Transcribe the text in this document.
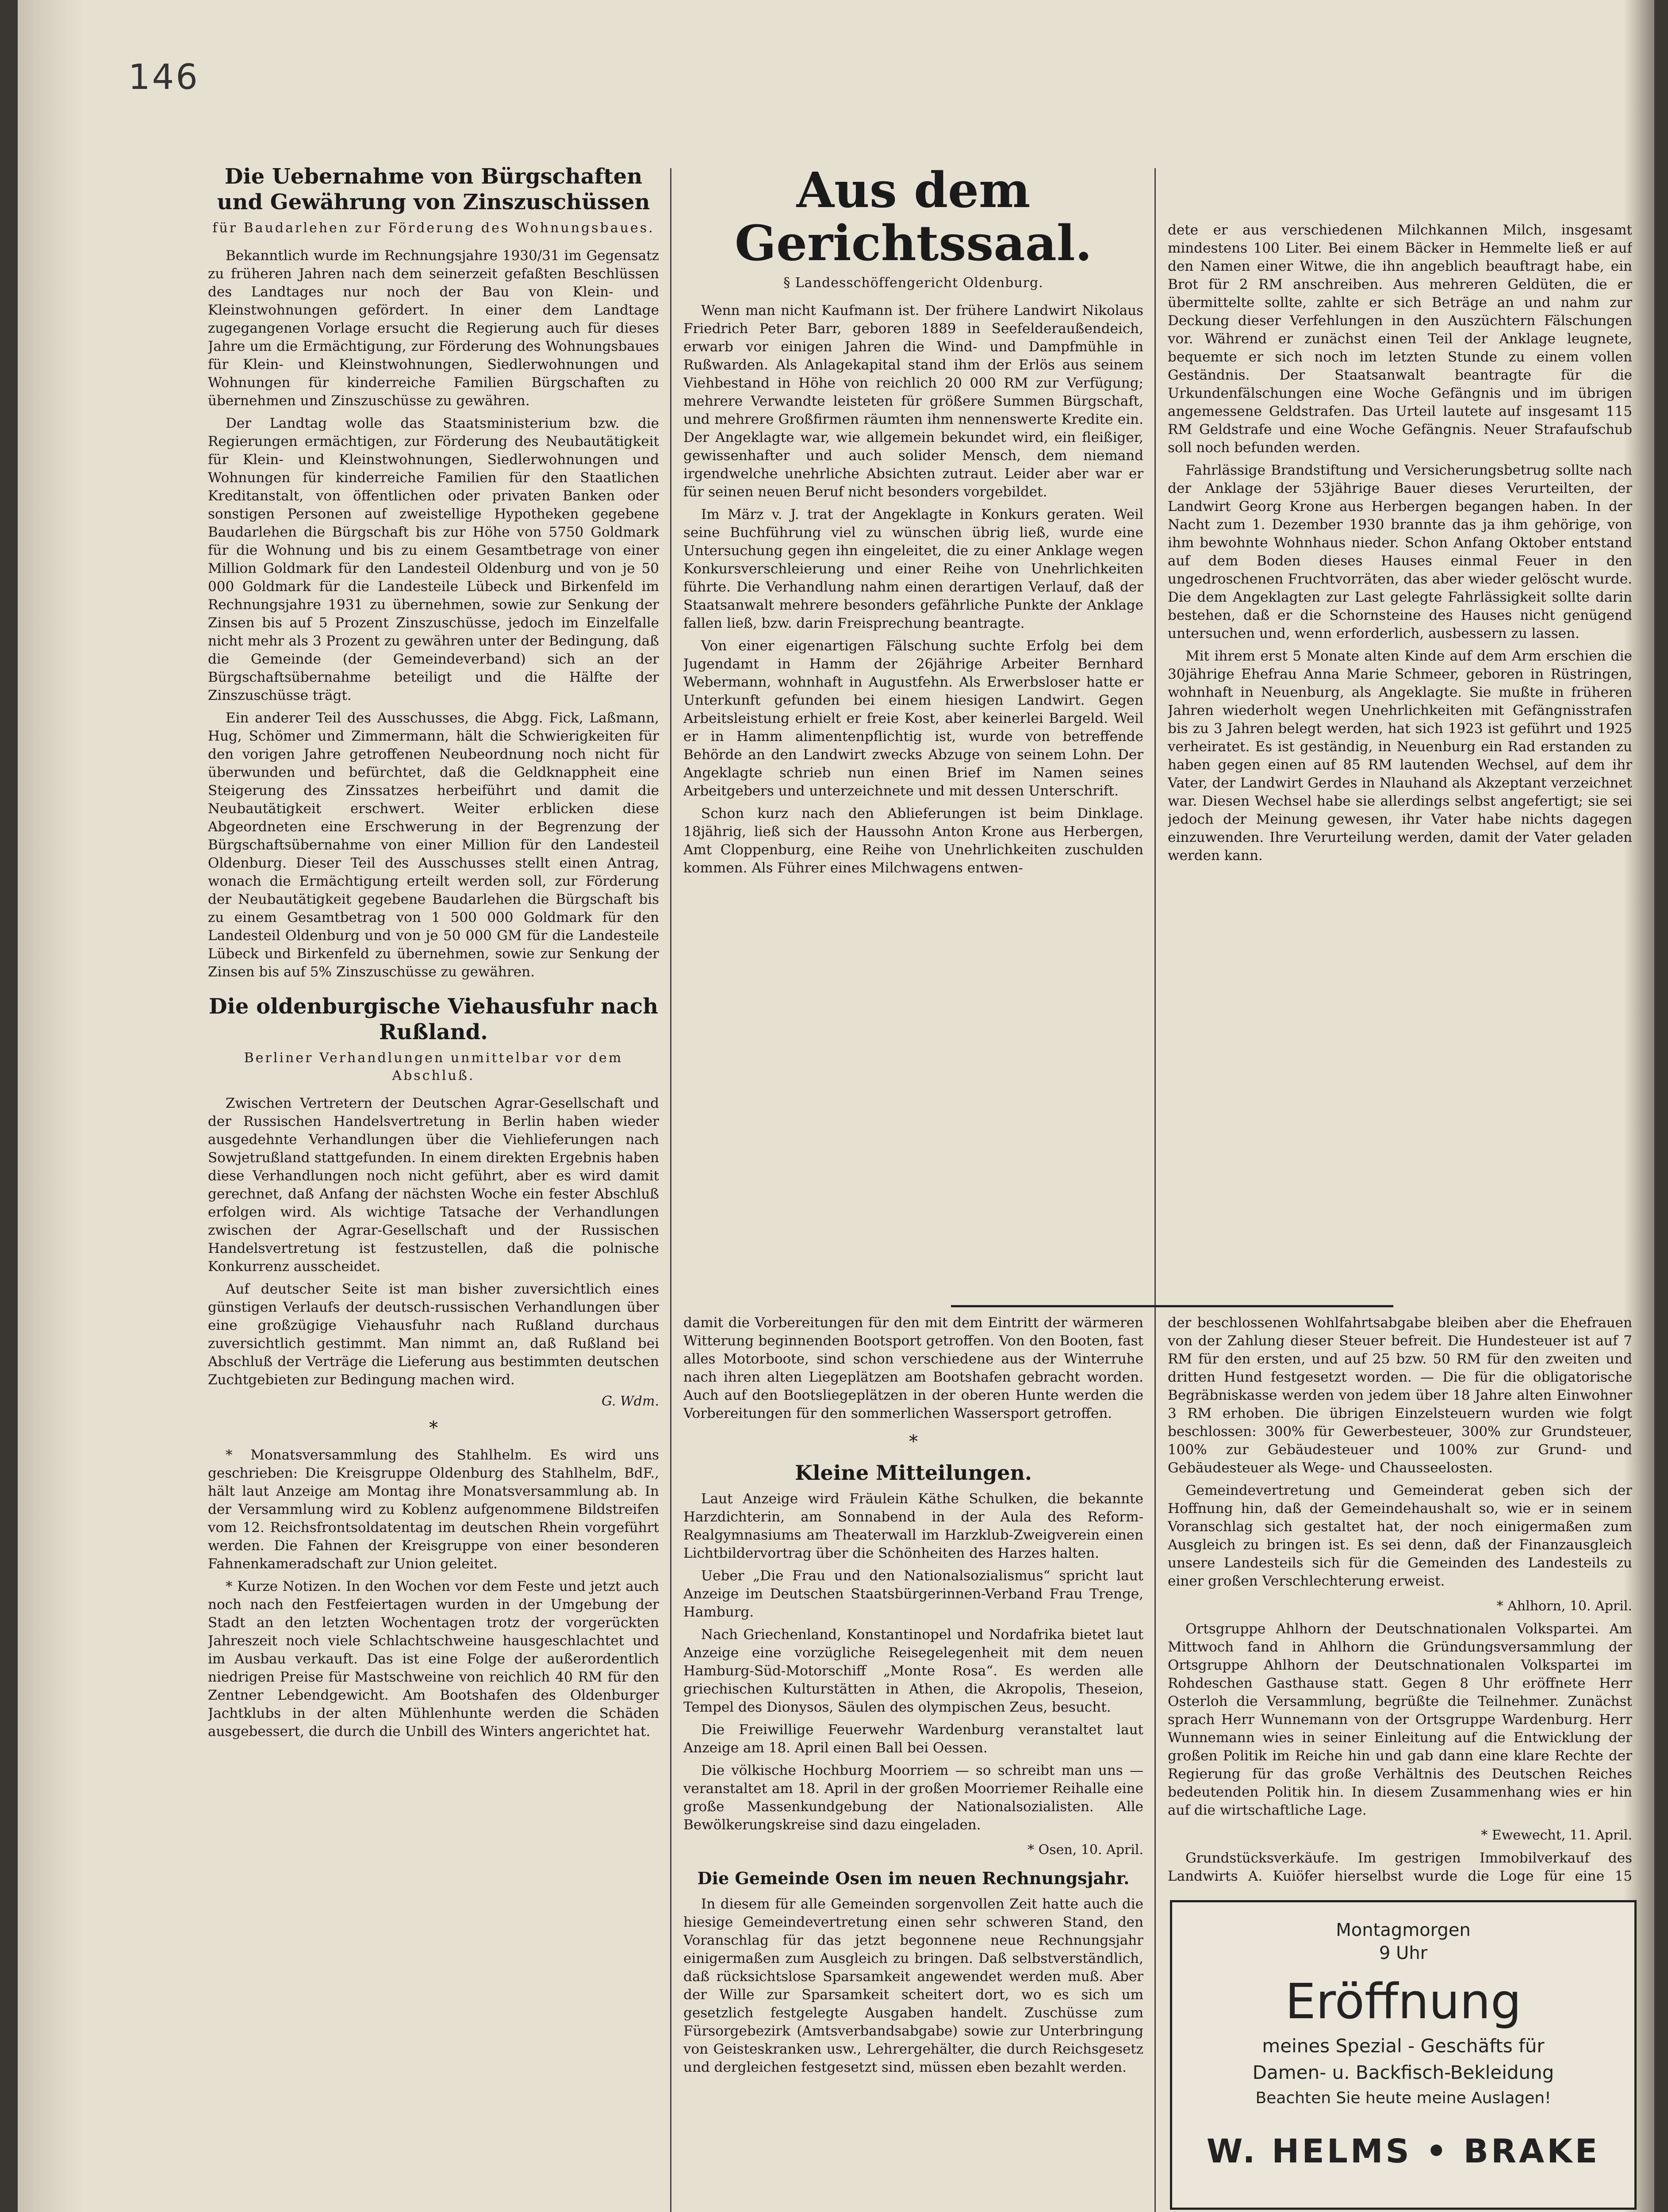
146
Die Uebernahme von Bürgschaften und Gewährung von Zinszuschüssen
für Baudarlehen zur Förderung des Wohnungsbaues.

Bekanntlich wurde im Rechnungsjahre 1930/31 im Gegensatz zu früheren Jahren nach dem seinerzeit gefaßten Beschlüssen des Landtages nur noch der Bau von Klein- und Kleinstwohnungen gefördert. In einer dem Landtage zugegangenen Vorlage ersucht die Regierung auch für dieses Jahre um die Ermächtigung, zur Förderung des Wohnungsbaues für Klein- und Kleinstwohnungen, Siedlerwohnungen und Wohnungen für kinderreiche Familien Bürgschaften zu übernehmen und Zinszuschüsse zu gewähren.

Der Landtag wolle das Staatsministerium bzw. die Regierungen ermächtigen, zur Förderung des Neubautätigkeit für Klein- und Kleinstwohnungen, Siedlerwohnungen und Wohnungen für kinderreiche Familien für den Staatlichen Kreditanstalt, von öffentlichen oder privaten Banken oder sonstigen Personen auf zweistellige Hypotheken gegebene Baudarlehen die Bürgschaft bis zur Höhe von 5750 Goldmark für die Wohnung und bis zu einem Gesamtbetrage von einer Million Goldmark für den Landesteil Oldenburg und von je 50 000 Goldmark für die Landesteile Lübeck und Birkenfeld im Rechnungsjahre 1931 zu übernehmen, sowie zur Senkung der Zinsen bis auf 5 Prozent Zinszuschüsse, jedoch im Einzelfalle nicht mehr als 3 Prozent zu gewähren unter der Bedingung, daß die Gemeinde (der Gemeindeverband) sich an der Bürgschaftsübernahme beteiligt und die Hälfte der Zinszuschüsse trägt.

Ein anderer Teil des Ausschusses, die Abgg. Fick, Laßmann, Hug, Schömer und Zimmermann, hält die Schwierigkeiten für den vorigen Jahre getroffenen Neubeordnung noch nicht für überwunden und befürchtet, daß die Geldknappheit eine Steigerung des Zinssatzes herbeiführt und damit die Neubautätigkeit erschwert. Weiter erblicken diese Abgeordneten eine Erschwerung in der Begrenzung der Bürgschaftsübernahme von einer Million für den Landesteil Oldenburg. Dieser Teil des Ausschusses stellt einen Antrag, wonach die Ermächtigung erteilt werden soll, zur Förderung der Neubautätigkeit gegebene Baudarlehen die Bürgschaft bis zu einem Gesamtbetrag von 1 500 000 Goldmark für den Landesteil Oldenburg und von je 50 000 GM für die Landesteile Lübeck und Birkenfeld zu übernehmen, sowie zur Senkung der Zinsen bis auf 5% Zinszuschüsse zu gewähren.

Die oldenburgische Viehausfuhr nach Rußland.
Berliner Verhandlungen unmittelbar vor dem Abschluß.

Zwischen Vertretern der Deutschen Agrar-Gesellschaft und der Russischen Handelsvertretung in Berlin haben wieder ausgedehnte Verhandlungen über die Viehlieferungen nach Sowjetrußland stattgefunden. In einem direkten Ergebnis haben diese Verhandlungen noch nicht geführt, aber es wird damit gerechnet, daß Anfang der nächsten Woche ein fester Abschluß erfolgen wird. Als wichtige Tatsache der Verhandlungen zwischen der Agrar-Gesellschaft und der Russischen Handelsvertretung ist festzustellen, daß die polnische Konkurrenz ausscheidet.

Auf deutscher Seite ist man bisher zuversichtlich eines günstigen Verlaufs der deutsch-russischen Verhandlungen über eine großzügige Viehausfuhr nach Rußland durchaus zuversichtlich gestimmt. Man nimmt an, daß Rußland bei Abschluß der Verträge die Lieferung aus bestimmten deutschen Zuchtgebieten zur Bedingung machen wird.

G. Wdm.
*

* Monatsversammlung des Stahlhelm. Es wird uns geschrieben: Die Kreisgruppe Oldenburg des Stahlhelm, BdF., hält laut Anzeige am Montag ihre Monatsversammlung ab. In der Versammlung wird zu Koblenz aufgenommene Bildstreifen vom 12. Reichsfrontsoldatentag im deutschen Rhein vorgeführt werden. Die Fahnen der Kreisgruppe von einer besonderen Fahnenkameradschaft zur Union geleitet.

* Kurze Notizen. In den Wochen vor dem Feste und jetzt auch noch nach den Festfeiertagen wurden in der Umgebung der Stadt an den letzten Wochentagen trotz der vorgerückten Jahreszeit noch viele Schlachtschweine hausgeschlachtet und im Ausbau verkauft. Das ist eine Folge der außerordentlich niedrigen Preise für Mastschweine von reichlich 40 RM für den Zentner Lebendgewicht. Am Bootshafen des Oldenburger Jachtklubs in der alten Mühlenhunte werden die Schäden ausgebessert, die durch die Unbill des Winters angerichtet hat.

Aus dem Gerichtssaal.
§ Landesschöffengericht Oldenburg.

Wenn man nicht Kaufmann ist. Der frühere Landwirt Nikolaus Friedrich Peter Barr, geboren 1889 in Seefelderaußendeich, erwarb vor einigen Jahren die Wind- und Dampfmühle in Rußwarden. Als Anlagekapital stand ihm der Erlös aus seinem Viehbestand in Höhe von reichlich 20 000 RM zur Verfügung; mehrere Verwandte leisteten für größere Summen Bürgschaft, und mehrere Großfirmen räumten ihm nennenswerte Kredite ein. Der Angeklagte war, wie allgemein bekundet wird, ein fleißiger, gewissenhafter und auch solider Mensch, dem niemand irgendwelche unehrliche Absichten zutraut. Leider aber war er für seinen neuen Beruf nicht besonders vorgebildet.

Im März v. J. trat der Angeklagte in Konkurs geraten. Weil seine Buchführung viel zu wünschen übrig ließ, wurde eine Untersuchung gegen ihn eingeleitet, die zu einer Anklage wegen Konkursverschleierung und einer Reihe von Unehrlichkeiten führte. Die Verhandlung nahm einen derartigen Verlauf, daß der Staatsanwalt mehrere besonders gefährliche Punkte der Anklage fallen ließ, bzw. darin Freisprechung beantragte.

Von einer eigenartigen Fälschung suchte Erfolg bei dem Jugendamt in Hamm der 26jährige Arbeiter Bernhard Webermann, wohnhaft in Augustfehn. Als Erwerbsloser hatte er Unterkunft gefunden bei einem hiesigen Landwirt. Gegen Arbeitsleistung erhielt er freie Kost, aber keinerlei Bargeld. Weil er in Hamm alimentenpflichtig ist, wurde von betreffende Behörde an den Landwirt zwecks Abzuge von seinem Lohn. Der Angeklagte schrieb nun einen Brief im Namen seines Arbeitgebers und unterzeichnete und mit dessen Unterschrift.

Schon kurz nach den Ablieferungen ist beim Dinklage. 18jährig, ließ sich der Haussohn Anton Krone aus Herbergen, Amt Cloppenburg, eine Reihe von Unehrlichkeiten zuschulden kommen. Als Führer eines Milchwagens entwen-

damit die Vorbereitungen für den mit dem Eintritt der wärmeren Witterung beginnenden Bootsport getroffen. Von den Booten, fast alles Motorboote, sind schon verschiedene aus der Winterruhe nach ihren alten Liegeplätzen am Bootshafen gebracht worden. Auch auf den Bootsliegeplätzen in der oberen Hunte werden die Vorbereitungen für den sommerlichen Wassersport getroffen.

*
Kleine Mitteilungen.

Laut Anzeige wird Fräulein Käthe Schulken, die bekannte Harzdichterin, am Sonnabend in der Aula des Reform-Realgymnasiums am Theaterwall im Harzklub-Zweigverein einen Lichtbildervortrag über die Schönheiten des Harzes halten.

Ueber „Die Frau und den Nationalsozialismus“ spricht laut Anzeige im Deutschen Staatsbürgerinnen-Verband Frau Trenge, Hamburg.

Nach Griechenland, Konstantinopel und Nordafrika bietet laut Anzeige eine vorzügliche Reisegelegenheit mit dem neuen Hamburg-Süd-Motorschiff „Monte Rosa“. Es werden alle griechischen Kulturstätten in Athen, die Akropolis, Theseion, Tempel des Dionysos, Säulen des olympischen Zeus, besucht.

Die Freiwillige Feuerwehr Wardenburg veranstaltet laut Anzeige am 18. April einen Ball bei Oessen.

Die völkische Hochburg Moorriem — so schreibt man uns — veranstaltet am 18. April in der großen Moorriemer Reihalle eine große Massenkundgebung der Nationalsozialisten. Alle Bewölkerungskreise sind dazu eingeladen.

* Osen, 10. April.
Die Gemeinde Osen im neuen Rechnungsjahr.

In diesem für alle Gemeinden sorgenvollen Zeit hatte auch die hiesige Gemeindevertretung einen sehr schweren Stand, den Voranschlag für das jetzt begonnene neue Rechnungsjahr einigermaßen zum Ausgleich zu bringen. Daß selbstverständlich, daß rücksichtslose Sparsamkeit angewendet werden muß. Aber der Wille zur Sparsamkeit scheitert dort, wo es sich um gesetzlich festgelegte Ausgaben handelt. Zuschüsse zum Fürsorgebezirk (Amtsverbandsabgabe) sowie zur Unterbringung von Geisteskranken usw., Lehrergehälter, die durch Reichsgesetz und dergleichen festgesetzt sind, müssen eben bezahlt werden.

dete er aus verschiedenen Milchkannen Milch, insgesamt mindestens 100 Liter. Bei einem Bäcker in Hemmelte ließ er auf den Namen einer Witwe, die ihn angeblich beauftragt habe, ein Brot für 2 RM anschreiben. Aus mehreren Geldüten, die er übermittelte sollte, zahlte er sich Beträge an und nahm zur Deckung dieser Verfehlungen in den Auszüchtern Fälschungen vor. Während er zunächst einen Teil der Anklage leugnete, bequemte er sich noch im letzten Stunde zu einem vollen Geständnis. Der Staatsanwalt beantragte für die Urkundenfälschungen eine Woche Gefängnis und im übrigen angemessene Geldstrafen. Das Urteil lautete auf insgesamt 115 RM Geldstrafe und eine Woche Gefängnis. Neuer Strafaufschub soll noch befunden werden.

Fahrlässige Brandstiftung und Versicherungsbetrug sollte nach der Anklage der 53jährige Bauer dieses Verurteilten, der Landwirt Georg Krone aus Herbergen begangen haben. In der Nacht zum 1. Dezember 1930 brannte das ja ihm gehörige, von ihm bewohnte Wohnhaus nieder. Schon Anfang Oktober entstand auf dem Boden dieses Hauses einmal Feuer in den ungedroschenen Fruchtvorräten, das aber wieder gelöscht wurde. Die dem Angeklagten zur Last gelegte Fahrlässigkeit sollte darin bestehen, daß er die Schornsteine des Hauses nicht genügend untersuchen und, wenn erforderlich, ausbessern zu lassen.

Mit ihrem erst 5 Monate alten Kinde auf dem Arm erschien die 30jährige Ehefrau Anna Marie Schmeer, geboren in Rüstringen, wohnhaft in Neuenburg, als Angeklagte. Sie mußte in früheren Jahren wiederholt wegen Unehrlichkeiten mit Gefängnisstrafen bis zu 3 Jahren belegt werden, hat sich 1923 ist geführt und 1925 verheiratet. Es ist geständig, in Neuenburg ein Rad erstanden zu haben gegen einen auf 85 RM lautenden Wechsel, auf dem ihr Vater, der Landwirt Gerdes in Nlauhand als Akzeptant verzeichnet war. Diesen Wechsel habe sie allerdings selbst angefertigt; sie sei jedoch der Meinung gewesen, ihr Vater habe nichts dagegen einzuwenden. Ihre Verurteilung werden, damit der Vater geladen werden kann.

der beschlossenen Wohlfahrtsabgabe bleiben aber die Ehefrauen von der Zahlung dieser Steuer befreit. Die Hundesteuer ist auf 7 RM für den ersten, und auf 25 bzw. 50 RM für den zweiten und dritten Hund festgesetzt worden. — Die für die obligatorische Begräbniskasse werden von jedem über 18 Jahre alten Einwohner 3 RM erhoben. Die übrigen Einzelsteuern wurden wie folgt beschlossen: 300% für Gewerbesteuer, 300% zur Grundsteuer, 100% zur Gebäudesteuer und 100% zur Grund- und Gebäudesteuer als Wege- und Chausseelosten.

Gemeindevertretung und Gemeinderat geben sich der Hoffnung hin, daß der Gemeindehaushalt so, wie er in seinem Voranschlag sich gestaltet hat, der noch einigermaßen zum Ausgleich zu bringen ist. Es sei denn, daß der Finanzausgleich unsere Landesteils sich für die Gemeinden des Landesteils zu einer großen Verschlechterung erweist.

* Ahlhorn, 10. April.

Ortsgruppe Ahlhorn der Deutschnationalen Volkspartei. Am Mittwoch fand in Ahlhorn die Gründungsversammlung der Ortsgruppe Ahlhorn der Deutschnationalen Volkspartei im Rohdeschen Gasthause statt. Gegen 8 Uhr eröffnete Herr Osterloh die Versammlung, begrüßte die Teilnehmer. Zunächst sprach Herr Wunnemann von der Ortsgruppe Wardenburg. Herr Wunnemann wies in seiner Einleitung auf die Entwicklung der großen Politik im Reiche hin und gab dann eine klare Rechte der Regierung für das große Verhältnis des Deutschen Reiches bedeutenden Politik hin. In diesem Zusammenhang wies er hin auf die wirtschaftliche Lage.

* Ewewecht, 11. April.

Grundstücksverkäufe. Im gestrigen Immobilverkauf des Landwirts A. Kuiöfer hierselbst wurde die Loge für eine 15

Montagmorgen
9 Uhr
Eröffnung
meines Spezial - Geschäfts für
Damen- u. Backfisch-Bekleidung
Beachten Sie heute meine Auslagen!
W. HELMS • BRAKE
